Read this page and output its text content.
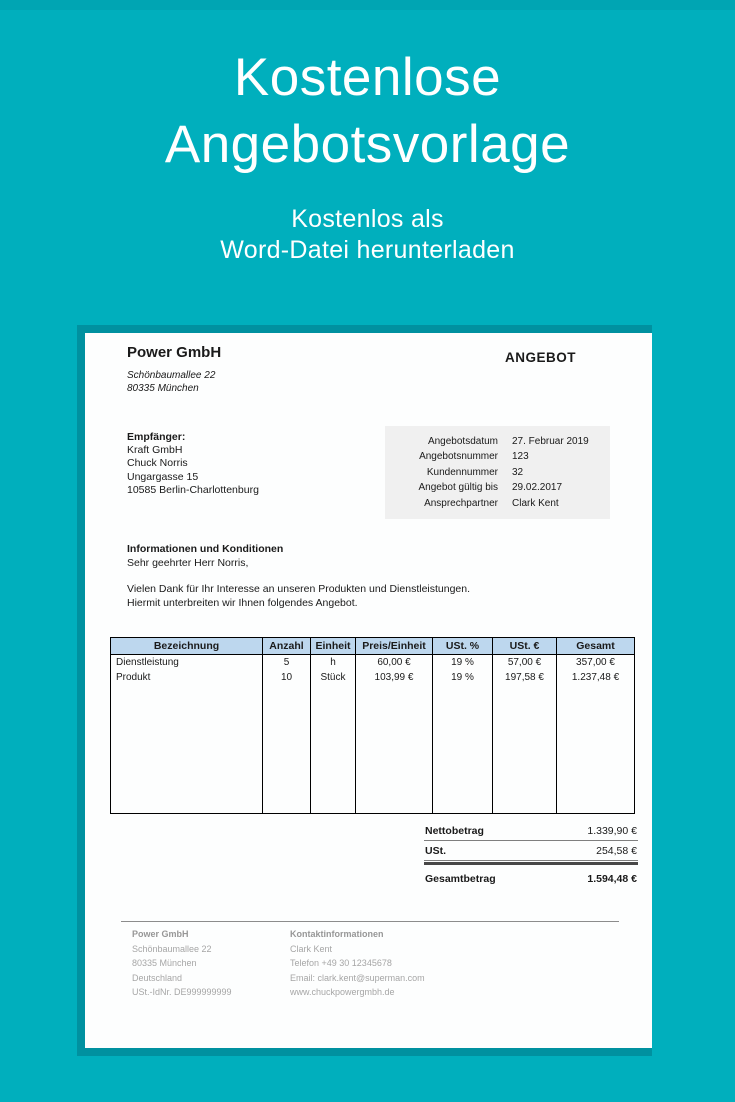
Kostenlose
Angebotsvorlage
Kostenlos als
Word-Datei herunterladen
Power GmbH	ANGEBOT
Schönbaumallee 22
80335 München
Empfänger:
Kraft GmbH
Chuck Norris
Ungargasse 15
10585 Berlin-Charlottenburg
Angebotsdatum 27. Februar 2019
Angebotsnummer 123
Kundennummer 32
Angebot gültig bis 29.02.2017
Ansprechpartner Clark Kent
Informationen und Konditionen
Sehr geehrter Herr Norris,
Vielen Dank für Ihr Interesse an unseren Produkten und Dienstleistungen.
Hiermit unterbreiten wir Ihnen folgendes Angebot.
Bezeichnung	Anzahl	Einheit	Preis/Einheit	USt. %	USt. €	Gesamt
Dienstleistung	5	h	60,00 €	19 %	57,00 €	357,00 €
Produkt	10	Stück	103,99 €	19 %	197,58 €	1.237,48 €

Nettobetrag	1.339,90 €
USt.	254,58 €
Gesamtbetrag	1.594,48 €
Power GmbH
Schönbaumallee 22
80335 München
Deutschland
USt.-IdNr. DE999999999
Kontaktinformationen
Clark Kent
Telefon +49 30 12345678
Email: clark.kent@superman.com
www.chuckpowergmbh.de
